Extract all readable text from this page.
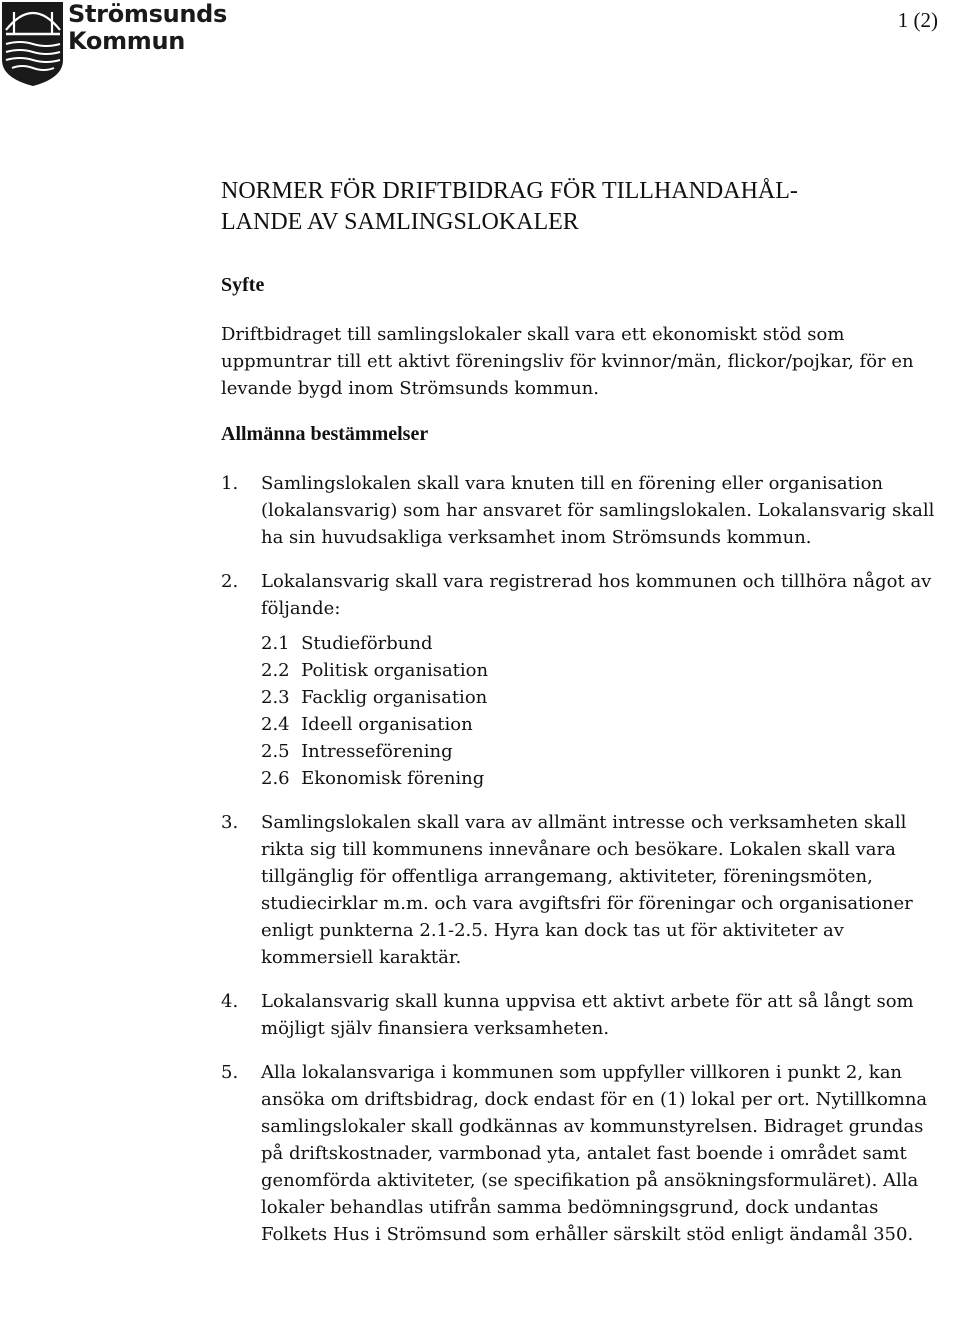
Strömsunds
Kommun
1 (2)
NORMER FÖR DRIFTBIDRAG FÖR TILLHANDAHÅL-
LANDE AV SAMLINGSLOKALER
Syfte

Driftbidraget till samlingslokaler skall vara ett ekonomiskt stöd som uppmuntrar till ett aktivt föreningsliv för kvinnor/män, flickor/pojkar, för en levande bygd inom Strömsunds kommun.

Allmänna bestämmelser
1.	Samlingslokalen skall vara knuten till en förening eller organisation (lokalansvarig) som har ansvaret för samlingslokalen. Lokalansvarig skall ha sin huvudsakliga verksamhet inom Strömsunds kommun.
2.	Lokalansvarig skall vara registrerad hos kommunen och tillhöra något av följande:
2.1  Studieförbund
2.2  Politisk organisation
2.3  Facklig organisation
2.4  Ideell organisation
2.5  Intresseförening
2.6  Ekonomisk förening
3.	Samlingslokalen skall vara av allmänt intresse och verksamheten skall rikta sig till kommunens innevånare och besökare. Lokalen skall vara tillgänglig för offentliga arrangemang, aktiviteter, föreningsmöten, studiecirklar m.m. och vara avgiftsfri för föreningar och organisationer enligt punkterna 2.1-2.5. Hyra kan dock tas ut för aktiviteter av kommersiell karaktär.
4.	Lokalansvarig skall kunna uppvisa ett aktivt arbete för att så långt som möjligt själv finansiera verksamheten.
5.	Alla lokalansvariga i kommunen som uppfyller villkoren i punkt 2, kan ansöka om driftsbidrag, dock endast för en (1) lokal per ort. Nytillkomna samlingslokaler skall godkännas av kommunstyrelsen. Bidraget grundas på driftskostnader, varmbonad yta, antalet fast boende i området samt genomförda aktiviteter, (se specifikation på ansökningsformuläret). Alla lokaler behandlas utifrån samma bedömningsgrund, dock undantas Folkets Hus i Strömsund som erhåller särskilt stöd enligt ändamål 350.
